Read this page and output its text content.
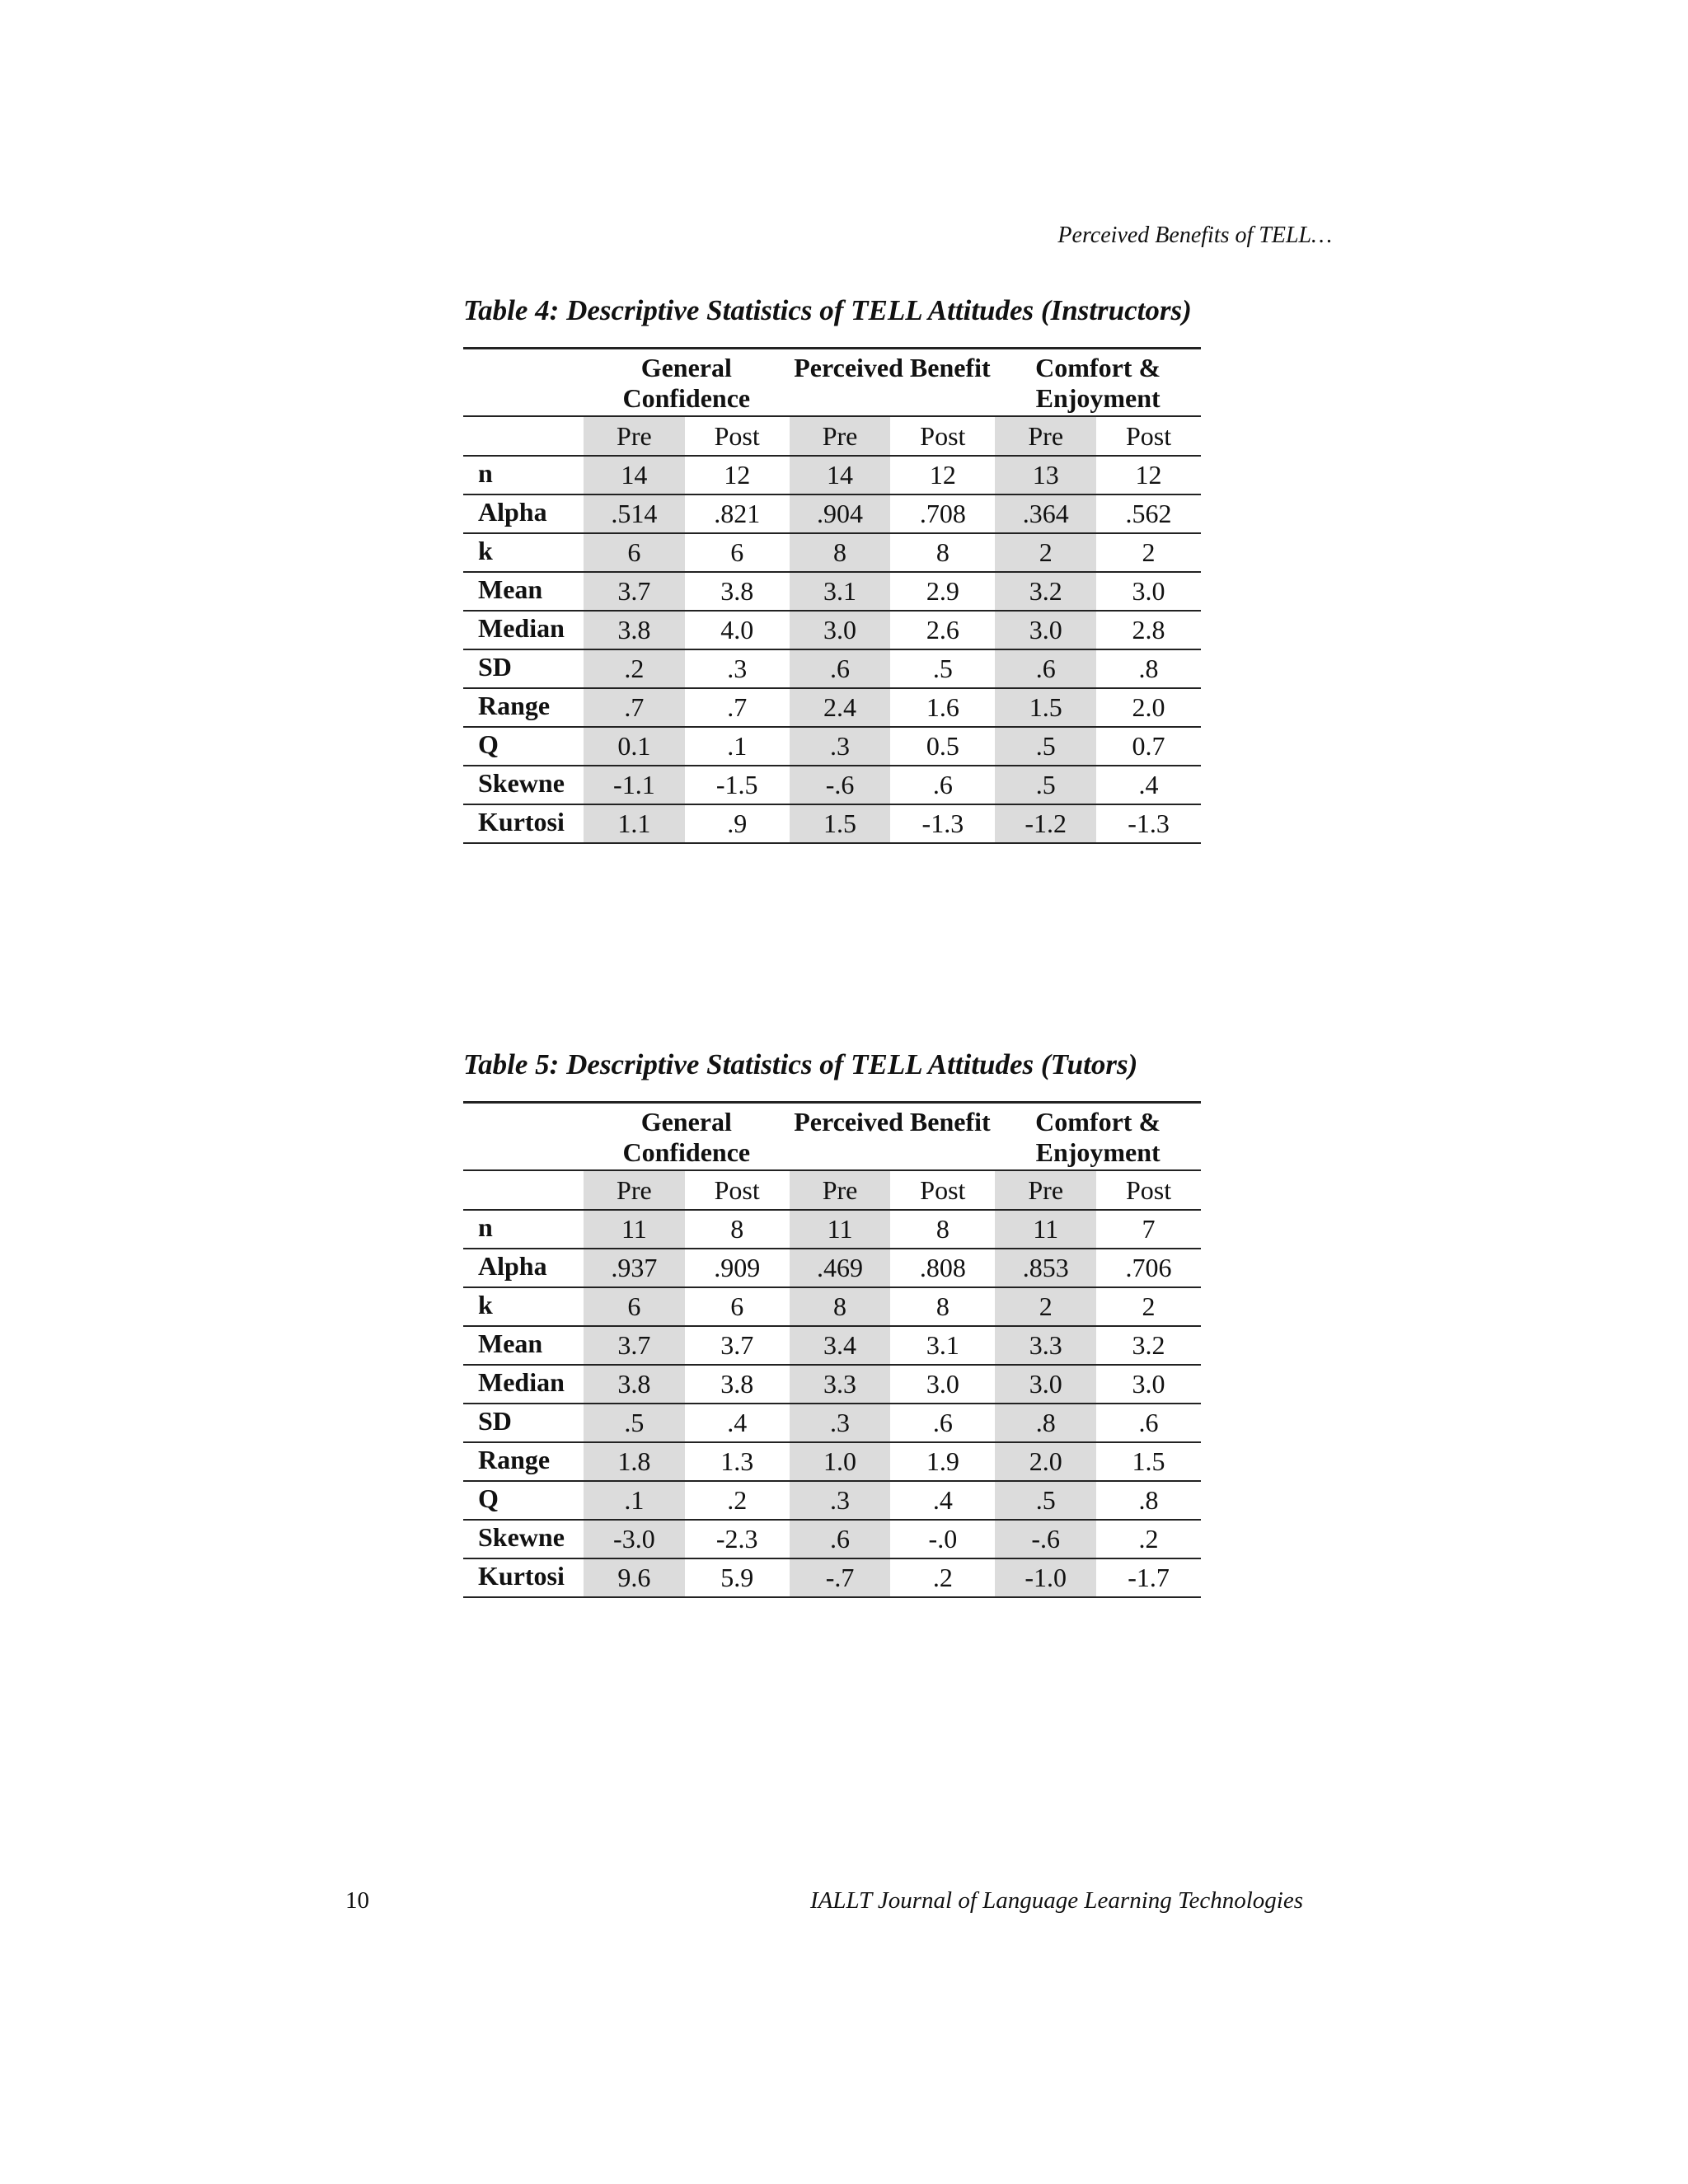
Perceived Benefits of TELL…
Table 4: Descriptive Statistics of TELL Attitudes (Instructors)
	General Confidence		Perceived Benefit		Comfort & Enjoyment	
	Pre	Post	Pre	Post	Pre	Post
n	14	12	14	12	13	12
Alpha	.514	.821	.904	.708	.364	.562
k	6	6	8	8	2	2
Mean	3.7	3.8	3.1	2.9	3.2	3.0
Median	3.8	4.0	3.0	2.6	3.0	2.8
SD	.2	.3	.6	.5	.6	.8
Range	.7	.7	2.4	1.6	1.5	2.0
Q	0.1	.1	.3	0.5	.5	0.7
Skewne	-1.1	-1.5	-.6	.6	.5	.4
Kurtosi	1.1	.9	1.5	-1.3	-1.2	-1.3
Table 5: Descriptive Statistics of TELL Attitudes (Tutors)
	General Confidence		Perceived Benefit		Comfort & Enjoyment	
	Pre	Post	Pre	Post	Pre	Post
n	11	8	11	8	11	7
Alpha	.937	.909	.469	.808	.853	.706
k	6	6	8	8	2	2
Mean	3.7	3.7	3.4	3.1	3.3	3.2
Median	3.8	3.8	3.3	3.0	3.0	3.0
SD	.5	.4	.3	.6	.8	.6
Range	1.8	1.3	1.0	1.9	2.0	1.5
Q	.1	.2	.3	.4	.5	.8
Skewne	-3.0	-2.3	.6	-.0	-.6	.2
Kurtosi	9.6	5.9	-.7	.2	-1.0	-1.7
10	IALLT Journal of Language Learning Technologies
